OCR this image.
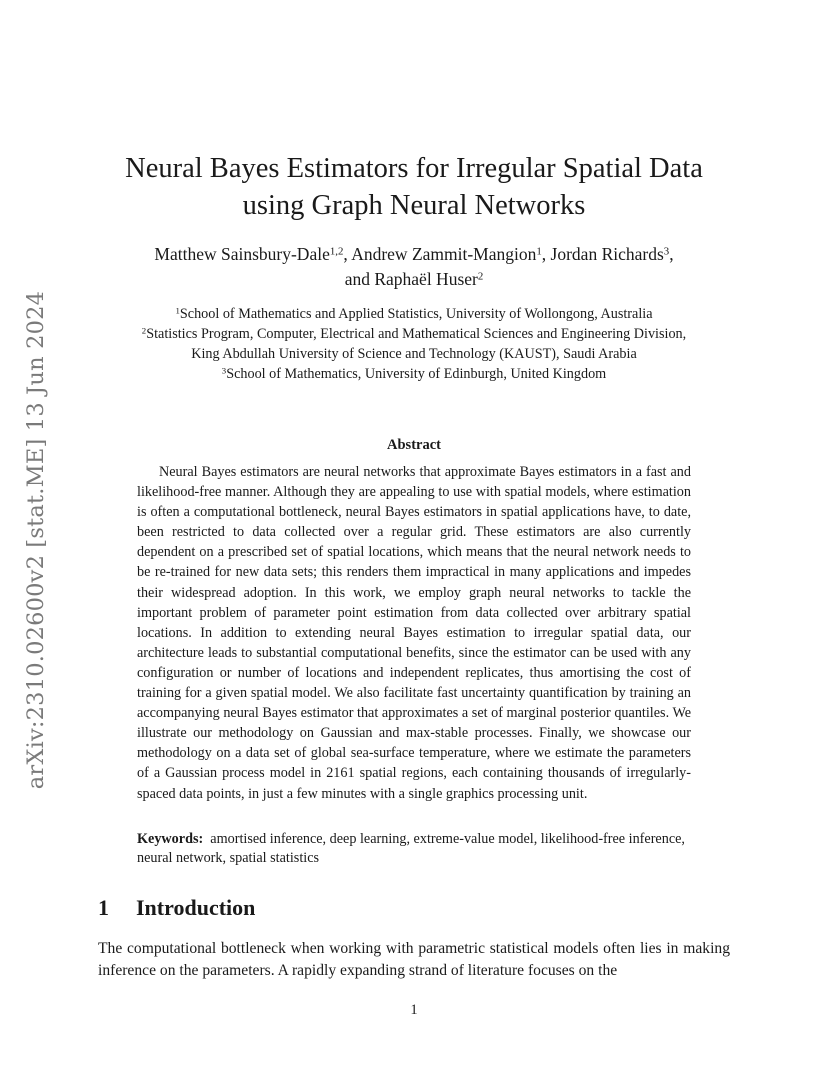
arXiv:2310.02600v2 [stat.ME] 13 Jun 2024
Neural Bayes Estimators for Irregular Spatial Data
using Graph Neural Networks
Matthew Sainsbury-Dale$^{1,2}$, Andrew Zammit-Mangion$^1$, Jordan Richards$^3$,
and Raphaël Huser$^2$
$^1$School of Mathematics and Applied Statistics, University of Wollongong, Australia
$^2$Statistics Program, Computer, Electrical and Mathematical Sciences and Engineering Division,
King Abdullah University of Science and Technology (KAUST), Saudi Arabia
$^3$School of Mathematics, University of Edinburgh, United Kingdom
Abstract
Neural Bayes estimators are neural networks that approximate Bayes estimators in a fast and likelihood-free manner. Although they are appealing to use with spatial models, where estimation is often a computational bottleneck, neural Bayes estimators in spatial applications have, to date, been restricted to data collected over a regular grid. These estimators are also currently dependent on a prescribed set of spatial locations, which means that the neural network needs to be re-trained for new data sets; this renders them impractical in many applications and impedes their widespread adoption. In this work, we employ graph neural networks to tackle the important problem of parameter point estimation from data collected over arbitrary spatial locations. In addition to extending neural Bayes estimation to irregular spatial data, our architecture leads to substantial computational benefits, since the estimator can be used with any configuration or number of locations and independent replicates, thus amortising the cost of training for a given spatial model. We also facilitate fast uncertainty quantification by training an accompanying neural Bayes estimator that approximates a set of marginal posterior quantiles. We illustrate our methodology on Gaussian and max-stable processes. Finally, we showcase our methodology on a data set of global sea-surface temperature, where we estimate the parameters of a Gaussian process model in 2161 spatial regions, each containing thousands of irregularly-spaced data points, in just a few minutes with a single graphics processing unit.
Keywords: amortised inference, deep learning, extreme-value model, likelihood-free inference, neural network, spatial statistics
1 Introduction
The computational bottleneck when working with parametric statistical models often lies in making inference on the parameters. A rapidly expanding strand of literature focuses on the
1
